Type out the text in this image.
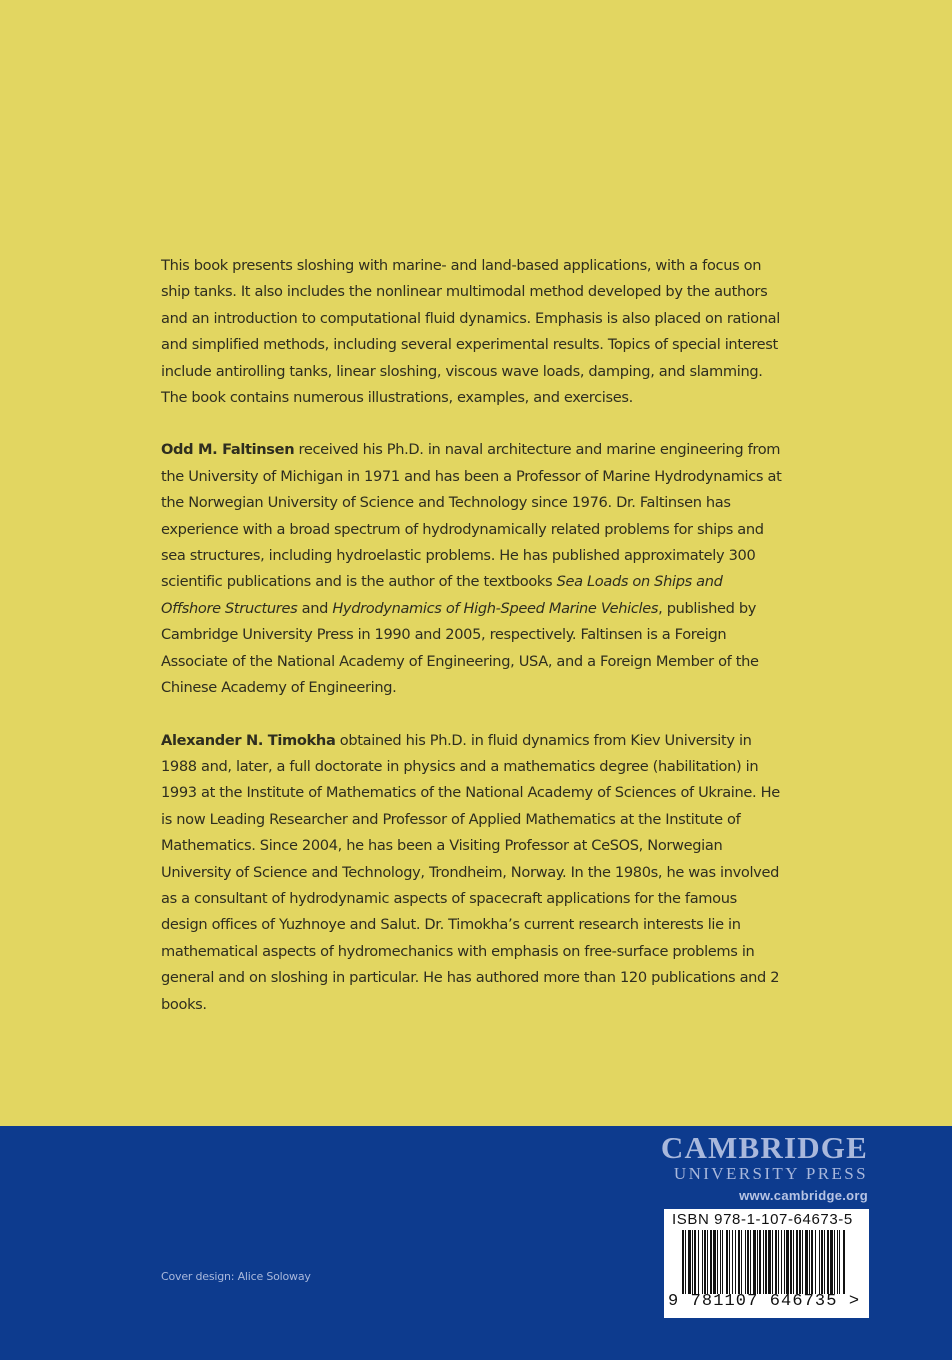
This book presents sloshing with marine- and land-based applications, with a focus on ship tanks. It also includes the nonlinear multimodal method developed by the authors and an introduction to computational fluid dynamics. Emphasis is also placed on rational and simplified methods, including several experimental results. Topics of special interest include antirolling tanks, linear sloshing, viscous wave loads, damping, and slamming. The book contains numerous illustrations, examples, and exercises.

Odd M. Faltinsen received his Ph.D. in naval architecture and marine engineering from the University of Michigan in 1971 and has been a Professor of Marine Hydrodynamics at the Norwegian University of Science and Technology since 1976. Dr. Faltinsen has experience with a broad spectrum of hydrodynamically related problems for ships and sea structures, including hydroelastic problems. He has published approximately 300 scientific publications and is the author of the textbooks Sea Loads on Ships and Offshore Structures and Hydrodynamics of High-Speed Marine Vehicles, published by Cambridge University Press in 1990 and 2005, respectively. Faltinsen is a Foreign Associate of the National Academy of Engineering, USA, and a Foreign Member of the Chinese Academy of Engineering.

Alexander N. Timokha obtained his Ph.D. in fluid dynamics from Kiev University in 1988 and, later, a full doctorate in physics and a mathematics degree (habilitation) in 1993 at the Institute of Mathematics of the National Academy of Sciences of Ukraine. He is now Leading Researcher and Professor of Applied Mathematics at the Institute of Mathematics. Since 2004, he has been a Visiting Professor at CeSOS, Norwegian University of Science and Technology, Trondheim, Norway. In the 1980s, he was involved as a consultant of hydrodynamic aspects of spacecraft applications for the famous design offices of Yuzhnoye and Salut. Dr. Timokha’s current research interests lie in mathematical aspects of hydromechanics with emphasis on free-surface problems in general and on sloshing in particular. He has authored more than 120 publications and 2 books.

CAMBRIDGE
UNIVERSITY PRESS
www.cambridge.org
ISBN 978-1-107-64673-5
9 781107 646735 >
Cover design: Alice Soloway
